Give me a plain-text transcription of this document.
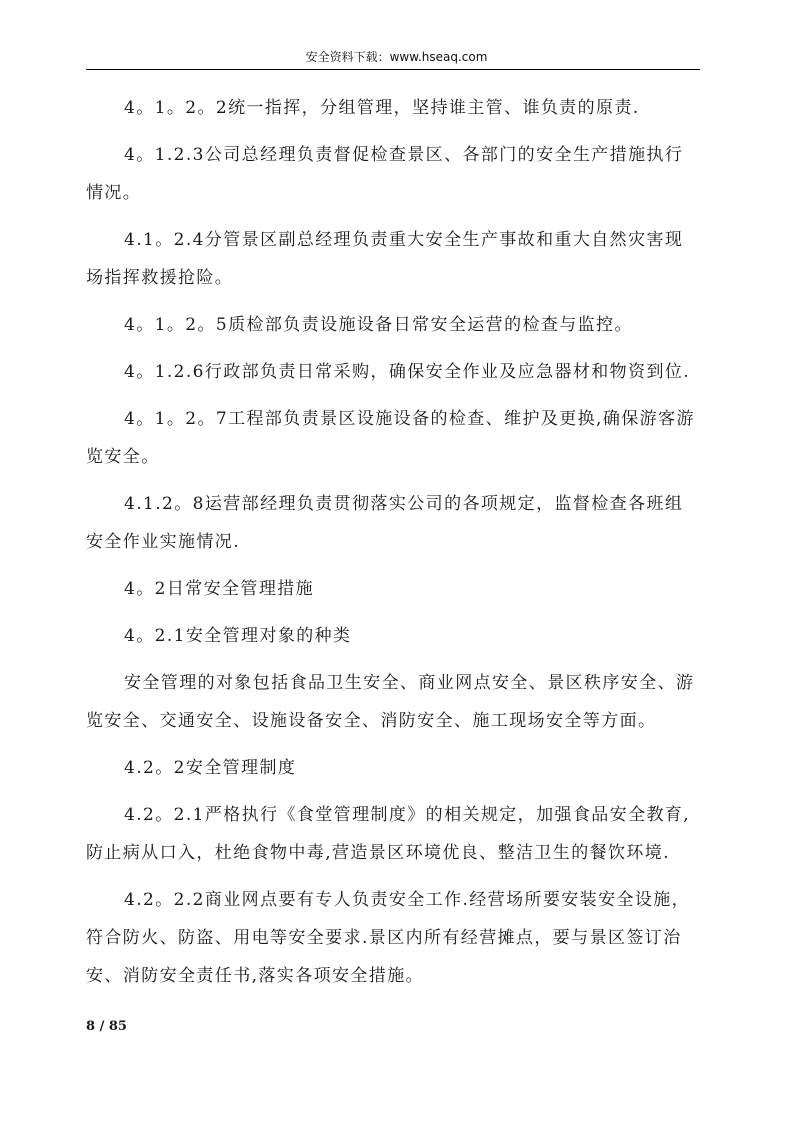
安全资料下载：www.hseaq.com

4。1。2。2统一指挥，分组管理，坚持谁主管、谁负责的原责.

4。1.2.3公司总经理负责督促检查景区、各部门的安全生产措施执行情况。

4.1。2.4分管景区副总经理负责重大安全生产事故和重大自然灾害现场指挥救援抢险。

4。1。2。5质检部负责设施设备日常安全运营的检查与监控。

4。1.2.6行政部负责日常采购，确保安全作业及应急器材和物资到位.

4。1。2。7工程部负责景区设施设备的检查、维护及更换,确保游客游览安全。

4.1.2。8运营部经理负责贯彻落实公司的各项规定，监督检查各班组安全作业实施情况.

4。2日常安全管理措施

4。2.1安全管理对象的种类

安全管理的对象包括食品卫生安全、商业网点安全、景区秩序安全、游览安全、交通安全、设施设备安全、消防安全、施工现场安全等方面。

4.2。2安全管理制度

4.2。2.1严格执行《食堂管理制度》的相关规定，加强食品安全教育,防止病从口入，杜绝食物中毒,营造景区环境优良、整洁卫生的餐饮环境.

4.2。2.2商业网点要有专人负责安全工作.经营场所要安装安全设施，符合防火、防盗、用电等安全要求.景区内所有经营摊点，要与景区签订治安、消防安全责任书,落实各项安全措施。

8 / 85
